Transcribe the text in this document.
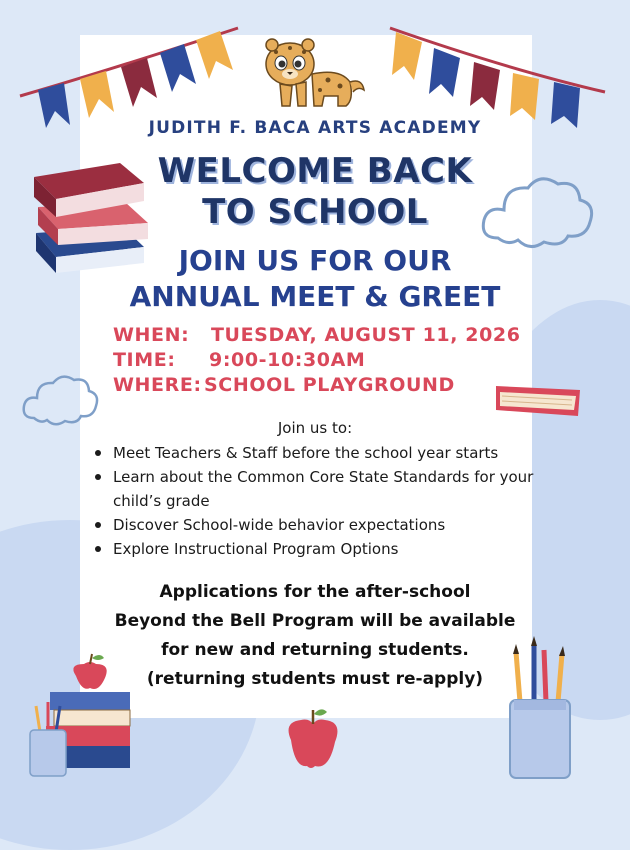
JUDITH F. BACA ARTS ACADEMY
WELCOME BACK
TO SCHOOL
JOIN US FOR OUR
ANNUAL MEET & GREET
WHEN: TUESDAY, AUGUST 11, 2026
TIME: 9:00-10:30AM
WHERE: SCHOOL PLAYGROUND
Join us to:
Meet Teachers & Staff before the school year starts
Learn about the Common Core State Standards for your child’s grade
Discover School-wide behavior expectations
Explore Instructional Program Options
Applications for the after-school
Beyond the Bell Program will be available
for new and returning students.
(returning students must re-apply)
